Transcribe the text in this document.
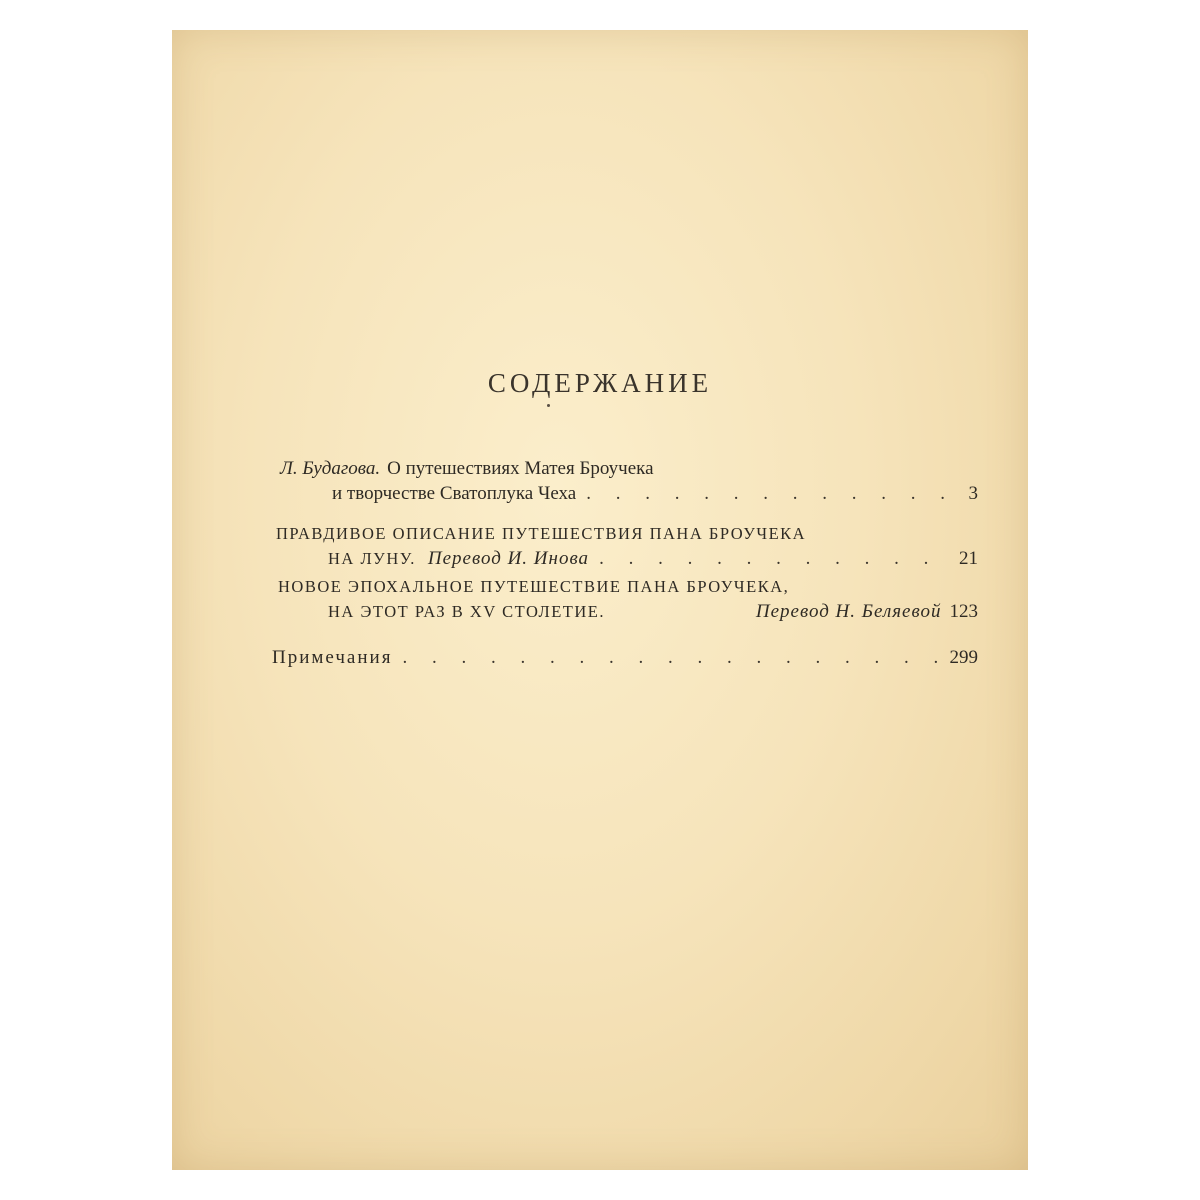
СОДЕРЖАНИЕ
Л. Будагова. О путешествиях Матея Броучека
и творчестве Сватоплука Чеха . . .	3
ПРАВДИВОЕ ОПИСАНИЕ ПУТЕШЕСТВИЯ ПАНА БРОУЧЕКА
НА ЛУНУ. Перевод И. Инова . . .	21
НОВОЕ ЭПОХАЛЬНОЕ ПУТЕШЕСТВИЕ ПАНА БРОУЧЕКА,
НА ЭТОТ РАЗ В XV СТОЛЕТИЕ.	Перевод Н. Беляевой 123
Примечания . . .	299
